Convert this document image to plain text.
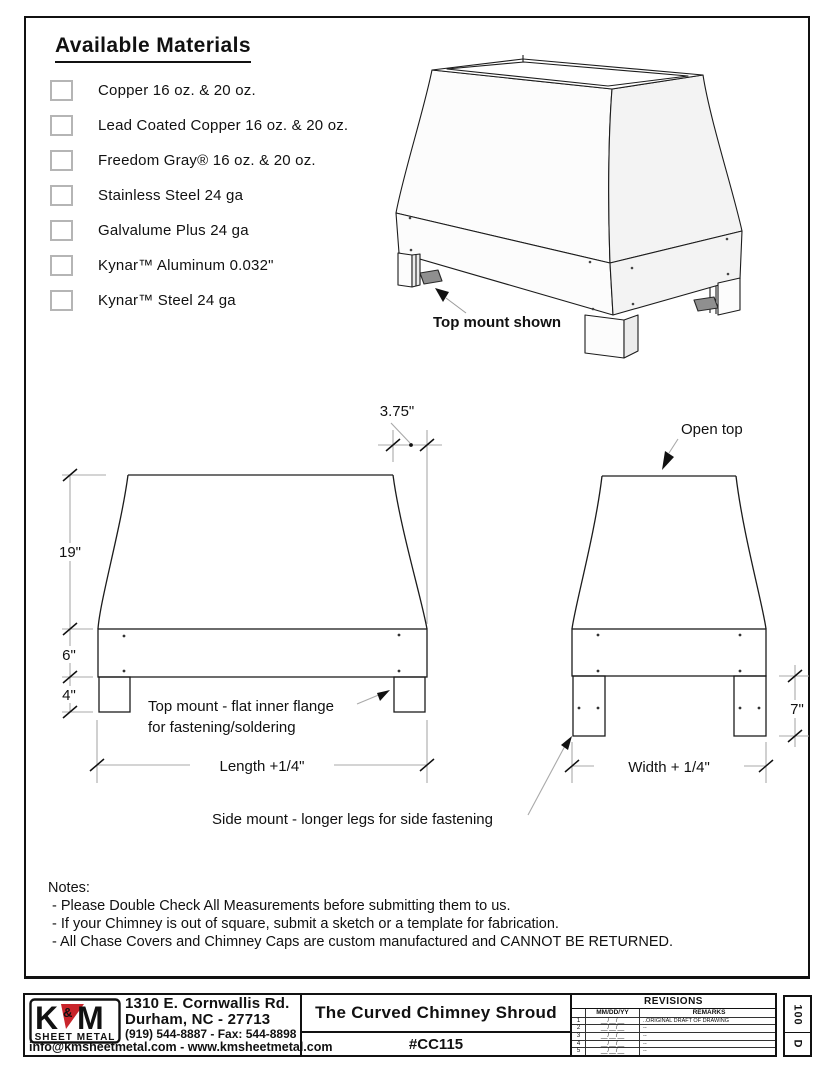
Available Materials
Copper 16 oz. & 20 oz.
Lead Coated Copper 16 oz. & 20 oz.
Freedom Gray® 16 oz. & 20 oz.
Stainless Steel 24 ga
Galvalume Plus 24 ga
Kynar™ Aluminum 0.032"
Kynar™ Steel 24 ga
Top mount shown
19"
6"
4"
Length +1/4"
3.75"
Top mount - flat inner flange
for fastening/soldering
Width + 1/4"
7"
Open top
Side mount - longer legs for side fastening
Notes:
- Please Double Check All Measurements before submitting them to us.
- If your Chimney is out of square, submit a sketch or a template for fabrication.
- All Chase Covers and Chimney Caps are custom manufactured and CANNOT BE RETURNED.
K & M
SHEET METAL
1310 E. Cornwallis Rd.
Durham, NC - 27713
(919) 544-8887 - Fax: 544-8898
info@kmsheetmetal.com - www.kmsheetmetal.com
The Curved Chimney Shroud
#CC115
REVISIONS
MM/DD/YY	REMARKS
1	__/__/__	..ORIGINAL DRAFT OF DRAWING
2	__/__/__	--
3	__/__/__	--
4	__/__/__	--
5	__/__/__	--
100
D
